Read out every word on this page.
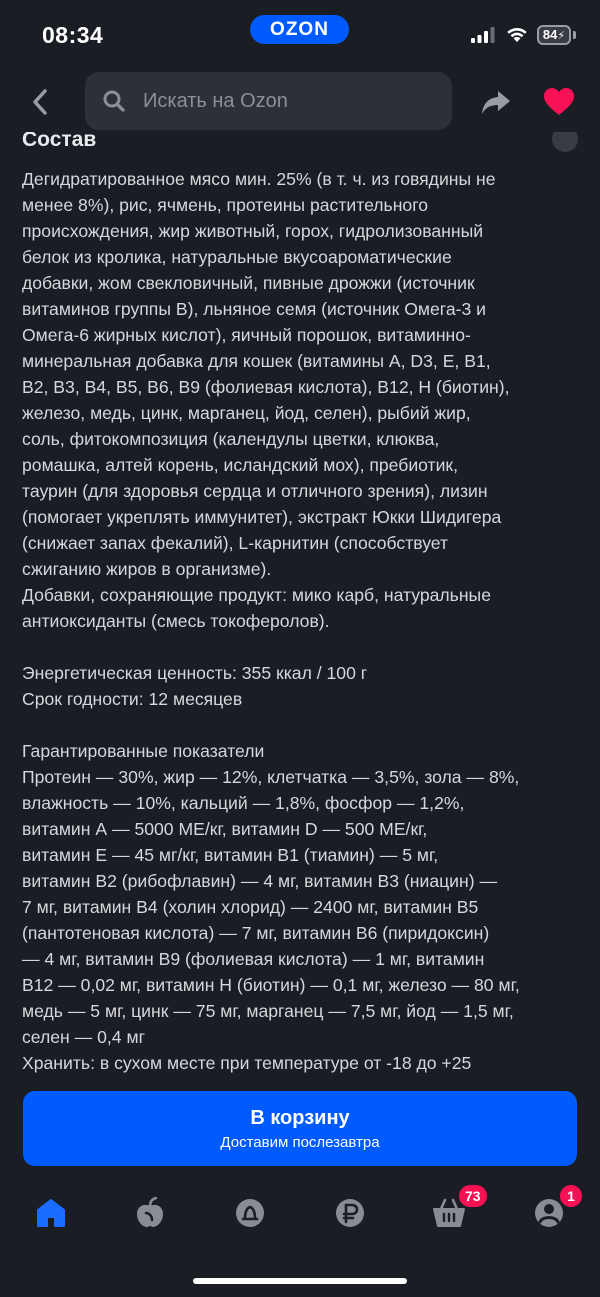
08:34	OZON	84⚡
Искать на Ozon
Состав
Дегидратированное мясо мин. 25% (в т. ч. из говядины не
менее 8%), рис, ячмень, протеины растительного
происхождения, жир животный, горох, гидролизованный
белок из кролика, натуральные вкусоароматические
добавки, жом свекловичный, пивные дрожжи (источник
витаминов группы В), льняное семя (источник Омега-3 и
Омега-6 жирных кислот), яичный порошок, витаминно-
минеральная добавка для кошек (витамины А, D3, Е, В1,
В2, В3, В4, В5, В6, В9 (фолиевая кислота), В12, Н (биотин),
железо, медь, цинк, марганец, йод, селен), рыбий жир,
соль, фитокомпозиция (календулы цветки, клюква,
ромашка, алтей корень, исландский мох), пребиотик,
таурин (для здоровья сердца и отличного зрения), лизин
(помогает укреплять иммунитет), экстракт Юкки Шидигера
(снижает запах фекалий), L-карнитин (способствует
сжиганию жиров в организме).
Добавки, сохраняющие продукт: мико карб, натуральные
антиоксиданты (смесь токоферолов).
Энергетическая ценность: 355 ккал / 100 г
Срок годности: 12 месяцев
Гарантированные показатели
Протеин — 30%, жир — 12%, клетчатка — 3,5%, зола — 8%,
влажность — 10%, кальций — 1,8%, фосфор — 1,2%,
витамин А — 5000 МЕ/кг, витамин D — 500 МЕ/кг,
витамин Е — 45 мг/кг, витамин В1 (тиамин) — 5 мг,
витамин В2 (рибофлавин) — 4 мг, витамин В3 (ниацин) —
7 мг, витамин В4 (холин хлорид) — 2400 мг, витамин В5
(пантотеновая кислота) — 7 мг, витамин В6 (пиридоксин)
— 4 мг, витамин В9 (фолиевая кислота) — 1 мг, витамин
В12 — 0,02 мг, витамин Н (биотин) — 0,1 мг, железо — 80 мг,
медь — 5 мг, цинк — 75 мг, марганец — 7,5 мг, йод — 1,5 мг,
селен — 0,4 мг
Хранить: в сухом месте при температуре от -18 до +25
В корзину
Доставим послезавтра
73	1
